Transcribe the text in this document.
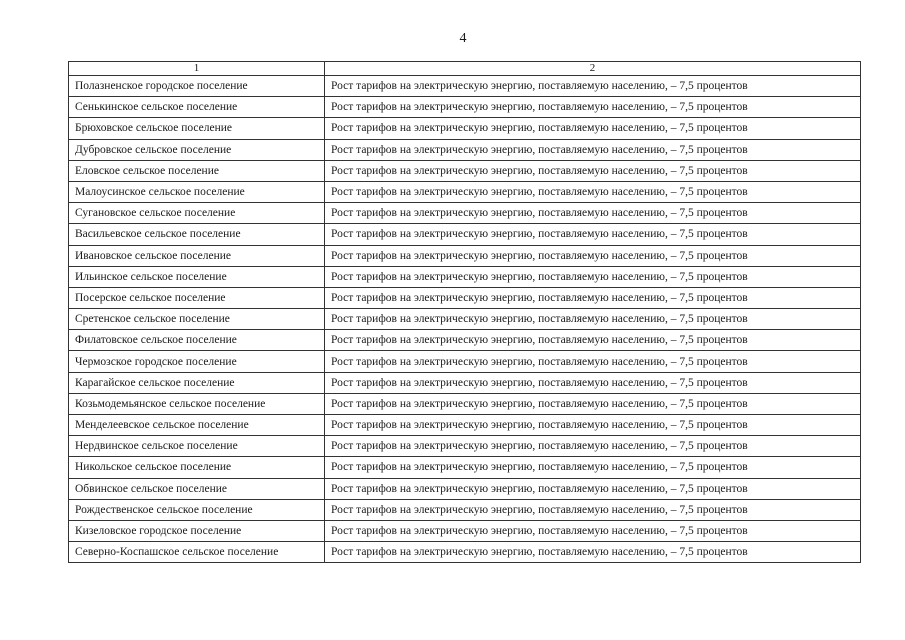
4
1	2
Полазненское городское поселение	Рост тарифов на электрическую энергию, поставляемую населению, – 7,5 процентов
Сенькинское сельское поселение	Рост тарифов на электрическую энергию, поставляемую населению, – 7,5 процентов
Брюховское сельское поселение	Рост тарифов на электрическую энергию, поставляемую населению, – 7,5 процентов
Дубровское сельское поселение	Рост тарифов на электрическую энергию, поставляемую населению, – 7,5 процентов
Еловское сельское поселение	Рост тарифов на электрическую энергию, поставляемую населению, – 7,5 процентов
Малоусинское сельское поселение	Рост тарифов на электрическую энергию, поставляемую населению, – 7,5 процентов
Сугановское сельское поселение	Рост тарифов на электрическую энергию, поставляемую населению, – 7,5 процентов
Васильевское сельское поселение	Рост тарифов на электрическую энергию, поставляемую населению, – 7,5 процентов
Ивановское сельское поселение	Рост тарифов на электрическую энергию, поставляемую населению, – 7,5 процентов
Ильинское сельское поселение	Рост тарифов на электрическую энергию, поставляемую населению, – 7,5 процентов
Посерское сельское поселение	Рост тарифов на электрическую энергию, поставляемую населению, – 7,5 процентов
Сретенское сельское поселение	Рост тарифов на электрическую энергию, поставляемую населению, – 7,5 процентов
Филатовское сельское поселение	Рост тарифов на электрическую энергию, поставляемую населению, – 7,5 процентов
Чермозское городское поселение	Рост тарифов на электрическую энергию, поставляемую населению, – 7,5 процентов
Карагайское сельское поселение	Рост тарифов на электрическую энергию, поставляемую населению, – 7,5 процентов
Козьмодемьянское сельское поселение	Рост тарифов на электрическую энергию, поставляемую населению, – 7,5 процентов
Менделеевское сельское поселение	Рост тарифов на электрическую энергию, поставляемую населению, – 7,5 процентов
Нердвинское сельское поселение	Рост тарифов на электрическую энергию, поставляемую населению, – 7,5 процентов
Никольское сельское поселение	Рост тарифов на электрическую энергию, поставляемую населению, – 7,5 процентов
Обвинское сельское поселение	Рост тарифов на электрическую энергию, поставляемую населению, – 7,5 процентов
Рождественское сельское поселение	Рост тарифов на электрическую энергию, поставляемую населению, – 7,5 процентов
Кизеловское городское поселение	Рост тарифов на электрическую энергию, поставляемую населению, – 7,5 процентов
Северно-Коспашское сельское поселение	Рост тарифов на электрическую энергию, поставляемую населению, – 7,5 процентов
